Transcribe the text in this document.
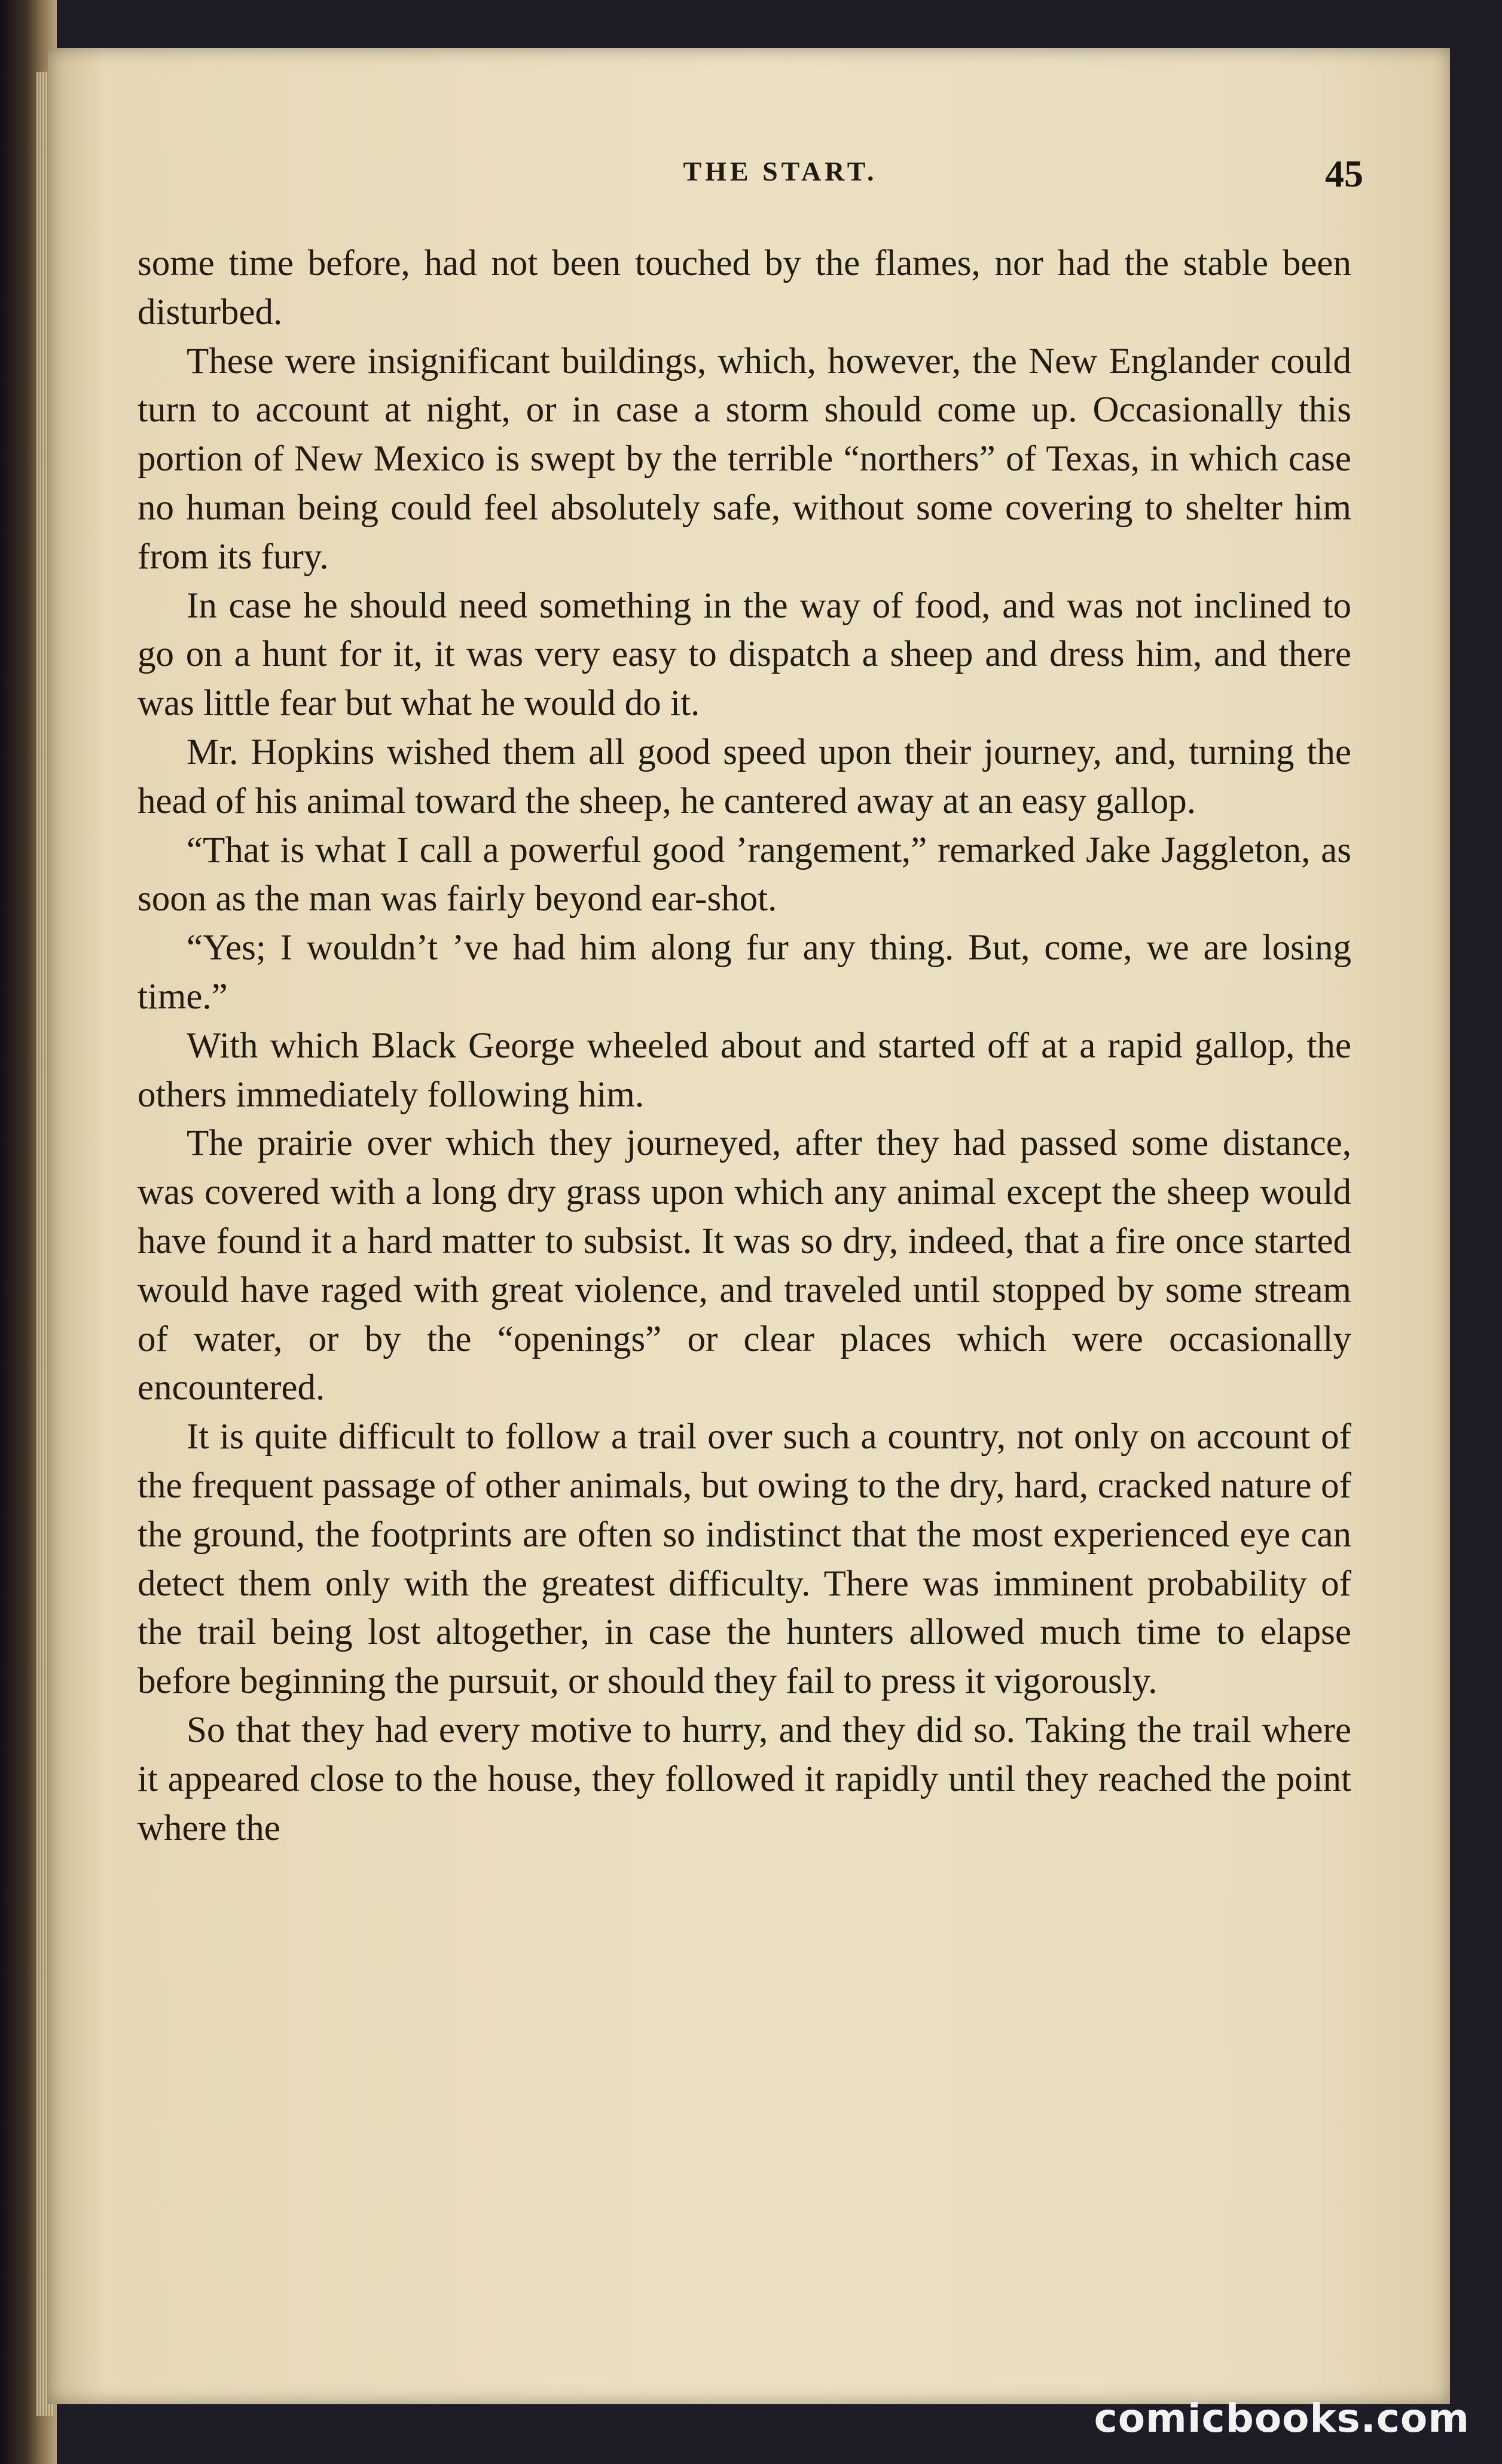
THE START.	45

some time before, had not been touched by the flames, nor had the stable been disturbed.

These were insignificant buildings, which, however, the New Englander could turn to account at night, or in case a storm should come up. Occasionally this portion of New Mexico is swept by the terrible “northers” of Texas, in which case no human being could feel absolutely safe, without some covering to shelter him from its fury.

In case he should need something in the way of food, and was not inclined to go on a hunt for it, it was very easy to dispatch a sheep and dress him, and there was little fear but what he would do it.

Mr. Hopkins wished them all good speed upon their journey, and, turning the head of his animal toward the sheep, he cantered away at an easy gallop.

“That is what I call a powerful good ’rangement,” remarked Jake Jaggleton, as soon as the man was fairly beyond ear-shot.

“Yes; I wouldn’t ’ve had him along fur any thing. But, come, we are losing time.”

With which Black George wheeled about and started off at a rapid gallop, the others immediately following him.

The prairie over which they journeyed, after they had passed some distance, was covered with a long dry grass upon which any animal except the sheep would have found it a hard matter to subsist. It was so dry, indeed, that a fire once started would have raged with great violence, and traveled until stopped by some stream of water, or by the “openings” or clear places which were occasionally encountered.

It is quite difficult to follow a trail over such a country, not only on account of the frequent passage of other animals, but owing to the dry, hard, cracked nature of the ground, the footprints are often so indistinct that the most experienced eye can detect them only with the greatest difficulty. There was imminent probability of the trail being lost altogether, in case the hunters allowed much time to elapse before beginning the pursuit, or should they fail to press it vigorously.

So that they had every motive to hurry, and they did so. Taking the trail where it appeared close to the house, they followed it rapidly until they reached the point where the

comicbooks.com
